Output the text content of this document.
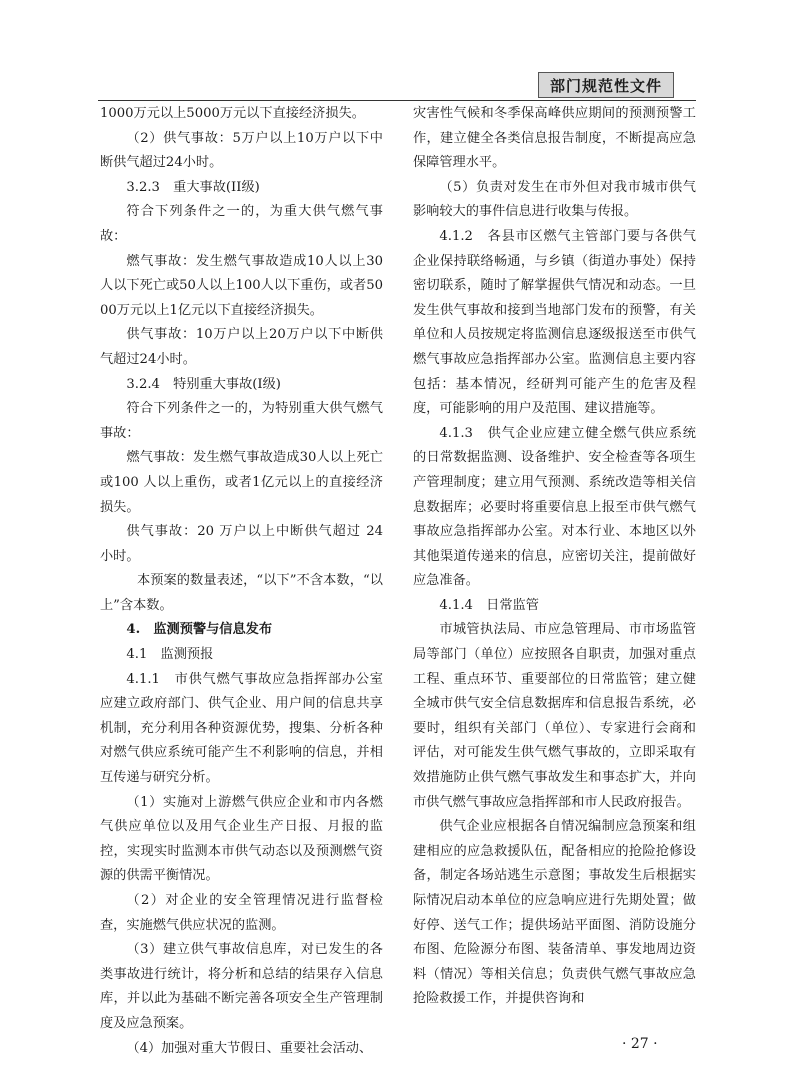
部门规范性文件

1000万元以上5000万元以下直接经济损失。

（2）供气事故：5万户以上10万户以下中断供气超过24小时。

3.2.3　重大事故(II级)

符合下列条件之一的，为重大供气燃气事故：

燃气事故：发生燃气事故造成10人以上30人以下死亡或50人以上100人以下重伤，或者5000万元以上1亿元以下直接经济损失。

供气事故：10万户以上20万户以下中断供气超过24小时。

3.2.4　特别重大事故(I级)

符合下列条件之一的，为特别重大供气燃气事故：

燃气事故：发生燃气事故造成30人以上死亡或100 人以上重伤，或者1亿元以上的直接经济损失。

供气事故：20 万户以上中断供气超过 24 小时。

本预案的数量表述，“以下”不含本数，“以上”含本数。

4.　监测预警与信息发布

4.1　监测预报

4.1.1　市供气燃气事故应急指挥部办公室应建立政府部门、供气企业、用户间的信息共享机制，充分利用各种资源优势，搜集、分析各种对燃气供应系统可能产生不利影响的信息，并相互传递与研究分析。

（1）实施对上游燃气供应企业和市内各燃气供应单位以及用气企业生产日报、月报的监控，实现实时监测本市供气动态以及预测燃气资源的供需平衡情况。

（2）对企业的安全管理情况进行监督检查，实施燃气供应状况的监测。

（3）建立供气事故信息库，对已发生的各类事故进行统计，将分析和总结的结果存入信息库，并以此为基础不断完善各项安全生产管理制度及应急预案。

（4）加强对重大节假日、重要社会活动、

灾害性气候和冬季保高峰供应期间的预测预警工作，建立健全各类信息报告制度，不断提高应急保障管理水平。

（5）负责对发生在市外但对我市城市供气影响较大的事件信息进行收集与传报。

4.1.2　各县市区燃气主管部门要与各供气企业保持联络畅通，与乡镇（街道办事处）保持密切联系，随时了解掌握供气情况和动态。一旦发生供气事故和接到当地部门发布的预警，有关单位和人员按规定将监测信息逐级报送至市供气燃气事故应急指挥部办公室。监测信息主要内容包括：基本情况，经研判可能产生的危害及程度，可能影响的用户及范围、建议措施等。

4.1.3　供气企业应建立健全燃气供应系统的日常数据监测、设备维护、安全检查等各项生产管理制度；建立用气预测、系统改造等相关信息数据库；必要时将重要信息上报至市供气燃气事故应急指挥部办公室。对本行业、本地区以外其他渠道传递来的信息，应密切关注，提前做好应急准备。

4.1.4　日常监管

市城管执法局、市应急管理局、市市场监管局等部门（单位）应按照各自职责，加强对重点工程、重点环节、重要部位的日常监管；建立健全城市供气安全信息数据库和信息报告系统，必要时，组织有关部门（单位）、专家进行会商和评估，对可能发生供气燃气事故的，立即采取有效措施防止供气燃气事故发生和事态扩大，并向市供气燃气事故应急指挥部和市人民政府报告。

供气企业应根据各自情况编制应急预案和组建相应的应急救援队伍，配备相应的抢险抢修设备，制定各场站逃生示意图；事故发生后根据实际情况启动本单位的应急响应进行先期处置；做好停、送气工作；提供场站平面图、消防设施分布图、危险源分布图、装备清单、事发地周边资料（情况）等相关信息；负责供气燃气事故应急抢险救援工作，并提供咨询和

· 27 ·
